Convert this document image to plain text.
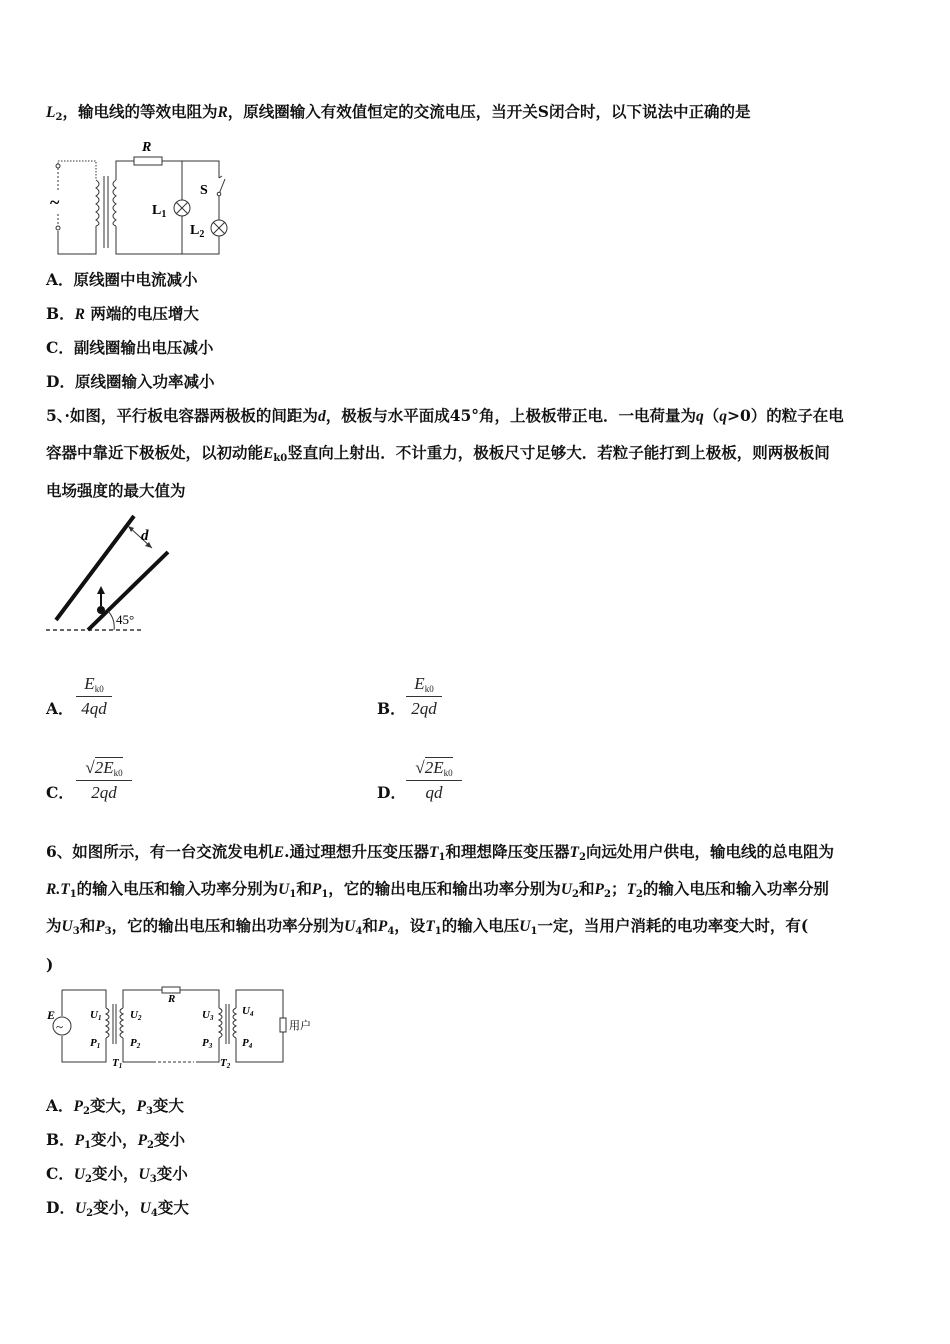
$L_2$，输电线的等效电阻为R，原线圈输入有效值恒定的交流电压，当开关S闭合时，以下说法中正确的是
~
R
$L_1$
S
$L_2$
A．原线圈中电流减小
B．R 两端的电压增大
C．副线圈输出电压减小
D．原线圈输入功率减小
5、·如图，平行板电容器两极板的间距为d，极板与水平面成45°角，上极板带正电．一电荷量为q（q>0）的粒子在电
容器中靠近下极板处，以初动能$E_{k0}$竖直向上射出．不计重力，极板尺寸足够大．若粒子能打到上极板，则两极板间
电场强度的最大值为
d
45°
A．
$E_{k0}$
4qd	B．
$E_{k0}$
2qd
C．
$√2E_{k0}$
2qd	D．
$√2E_{k0}$
qd
6、如图所示，有一台交流发电机E.通过理想升压变压器$T_1$和理想降压变压器$T_2$向远处用户供电，输电线的总电阻为
$R.T_1$的输入电压和输入功率分别为$U_1$和$P_1$，它的输出电压和输出功率分别为$U_2$和$P_2$；$T_2$的输入电压和输入功率分别
为$U_3$和$P_3$，它的输出电压和输出功率分别为$U_4$和$P_4$，设$T_1$的输入电压$U_1$一定，当用户消耗的电功率变大时，有(
)
~
E	U1
P1
U2
P2
T1
R
U3
P3
U4
P4
T2
用户
A．$P_2$变大，$P_3$变大
B．$P_1$变小，$P_2$变小
C．$U_2$变小，$U_3$变小
D．$U_2$变小，$U_4$变大
